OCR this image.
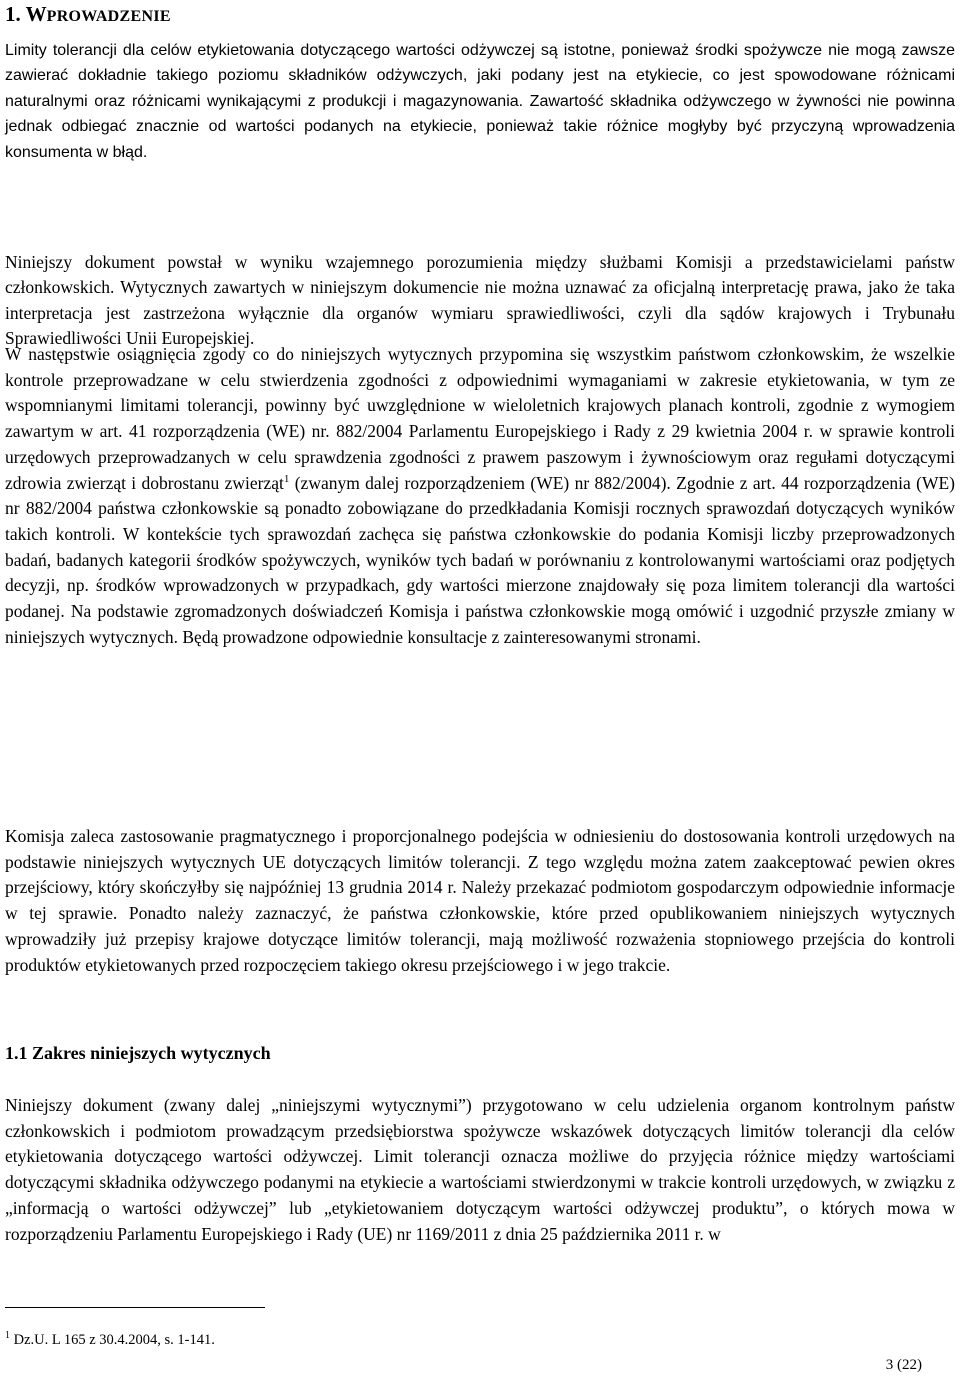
1. WPROWADZENIE

Limity tolerancji dla celów etykietowania dotyczącego wartości odżywczej są istotne, ponieważ środki spożywcze nie mogą zawsze zawierać dokładnie takiego poziomu składników odżywczych, jaki podany jest na etykiecie, co jest spowodowane różnicami naturalnymi oraz różnicami wynikającymi z produkcji i magazynowania. Zawartość składnika odżywczego w żywności nie powinna jednak odbiegać znacznie od wartości podanych na etykiecie, ponieważ takie różnice mogłyby być przyczyną wprowadzenia konsumenta w błąd.

Niniejszy dokument powstał w wyniku wzajemnego porozumienia między służbami Komisji a przedstawicielami państw członkowskich. Wytycznych zawartych w niniejszym dokumencie nie można uznawać za oficjalną interpretację prawa, jako że taka interpretacja jest zastrzeżona wyłącznie dla organów wymiaru sprawiedliwości, czyli dla sądów krajowych i Trybunału Sprawiedliwości Unii Europejskiej.

W następstwie osiągnięcia zgody co do niniejszych wytycznych przypomina się wszystkim państwom członkowskim, że wszelkie kontrole przeprowadzane w celu stwierdzenia zgodności z odpowiednimi wymaganiami w zakresie etykietowania, w tym ze wspomnianymi limitami tolerancji, powinny być uwzględnione w wieloletnich krajowych planach kontroli, zgodnie z wymogiem zawartym w art. 41 rozporządzenia (WE) nr. 882/2004 Parlamentu Europejskiego i Rady z 29 kwietnia 2004 r. w sprawie kontroli urzędowych przeprowadzanych w celu sprawdzenia zgodności z prawem paszowym i żywnościowym oraz regułami dotyczącymi zdrowia zwierząt i dobrostanu zwierząt$^1$ (zwanym dalej rozporządzeniem (WE) nr 882/2004). Zgodnie z art. 44 rozporządzenia (WE) nr 882/2004 państwa członkowskie są ponadto zobowiązane do przedkładania Komisji rocznych sprawozdań dotyczących wyników takich kontroli. W kontekście tych sprawozdań zachęca się państwa członkowskie do podania Komisji liczby przeprowadzonych badań, badanych kategorii środków spożywczych, wyników tych badań w porównaniu z kontrolowanymi wartościami oraz podjętych decyzji, np. środków wprowadzonych w przypadkach, gdy wartości mierzone znajdowały się poza limitem tolerancji dla wartości podanej. Na podstawie zgromadzonych doświadczeń Komisja i państwa członkowskie mogą omówić i uzgodnić przyszłe zmiany w niniejszych wytycznych. Będą prowadzone odpowiednie konsultacje z zainteresowanymi stronami.

Komisja zaleca zastosowanie pragmatycznego i proporcjonalnego podejścia w odniesieniu do dostosowania kontroli urzędowych na podstawie niniejszych wytycznych UE dotyczących limitów tolerancji. Z tego względu można zatem zaakceptować pewien okres przejściowy, który skończyłby się najpóźniej 13 grudnia 2014 r. Należy przekazać podmiotom gospodarczym odpowiednie informacje w tej sprawie. Ponadto należy zaznaczyć, że państwa członkowskie, które przed opublikowaniem niniejszych wytycznych wprowadziły już przepisy krajowe dotyczące limitów tolerancji, mają możliwość rozważenia stopniowego przejścia do kontroli produktów etykietowanych przed rozpoczęciem takiego okresu przejściowego i w jego trakcie.

1.1 Zakres niniejszych wytycznych

Niniejszy dokument (zwany dalej „niniejszymi wytycznymi”) przygotowano w celu udzielenia organom kontrolnym państw członkowskich i podmiotom prowadzącym przedsiębiorstwa spożywcze wskazówek dotyczących limitów tolerancji dla celów etykietowania dotyczącego wartości odżywczej. Limit tolerancji oznacza możliwe do przyjęcia różnice między wartościami dotyczącymi składnika odżywczego podanymi na etykiecie a wartościami stwierdzonymi w trakcie kontroli urzędowych, w związku z „informacją o wartości odżywczej” lub „etykietowaniem dotyczącym wartości odżywczej produktu”, o których mowa w rozporządzeniu Parlamentu Europejskiego i Rady (UE) nr 1169/2011 z dnia 25 października 2011 r. w

$^1$ Dz.U. L 165 z 30.4.2004, s. 1-141.
3 (22)
